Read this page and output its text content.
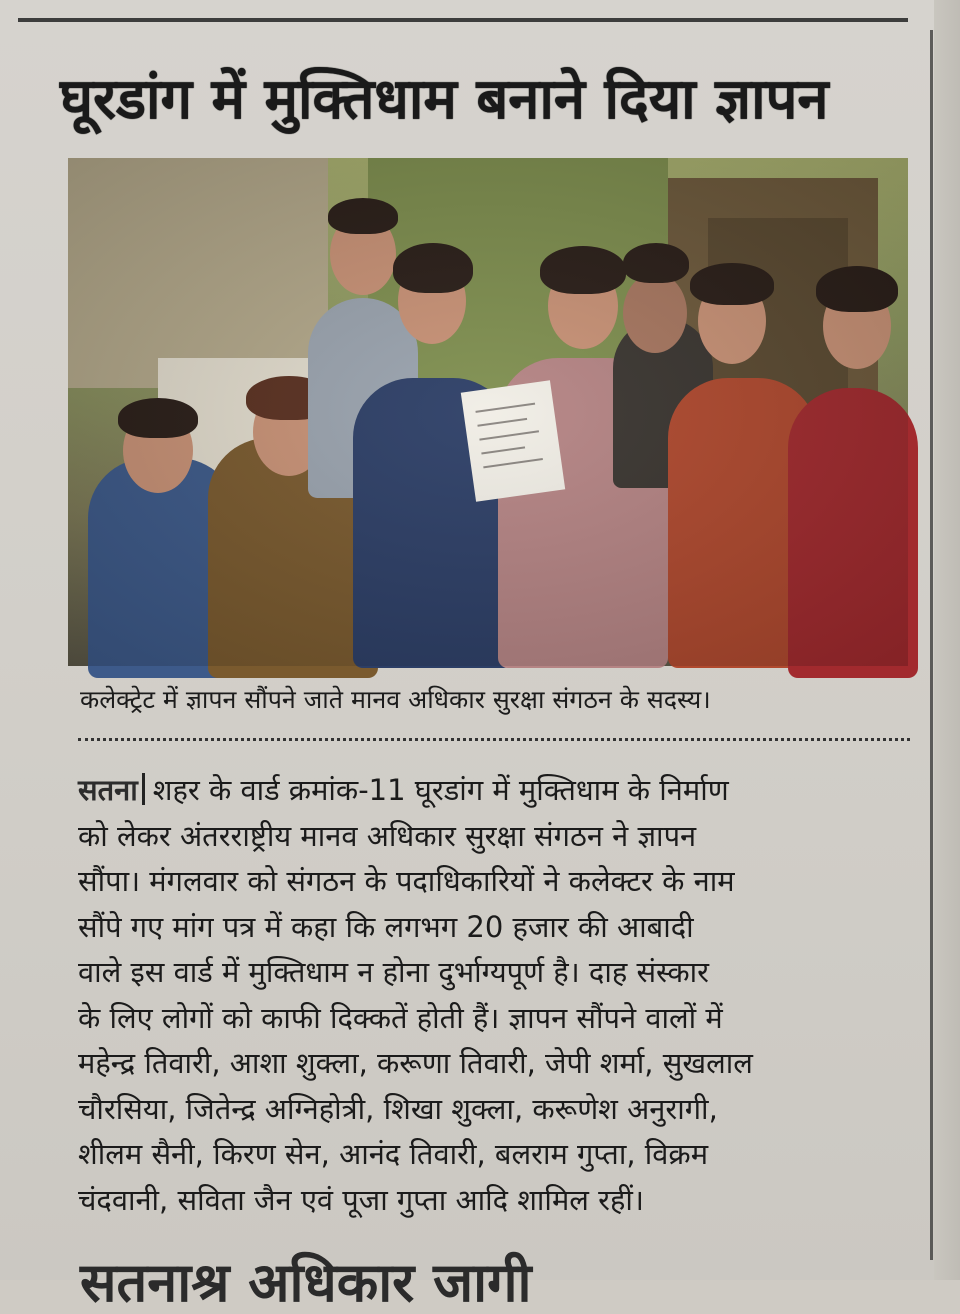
घूरडांग में मुक्तिधाम बनाने दिया ज्ञापन
कलेक्ट्रेट में ज्ञापन सौंपने जाते मानव अधिकार सुरक्षा संगठन के सदस्य।
सतना शहर के वार्ड क्रमांक-11 घूरडांग में मुक्तिधाम के निर्माण
को लेकर अंतरराष्ट्रीय मानव अधिकार सुरक्षा संगठन ने ज्ञापन
सौंपा। मंगलवार को संगठन के पदाधिकारियों ने कलेक्टर के नाम
सौंपे गए मांग पत्र में कहा कि लगभग 20 हजार की आबादी
वाले इस वार्ड में मुक्तिधाम न होना दुर्भाग्यपूर्ण है। दाह संस्कार
के लिए लोगों को काफी दिक्कतें होती हैं। ज्ञापन सौंपने वालों में
महेन्द्र तिवारी, आशा शुक्ला, करूणा तिवारी, जेपी शर्मा, सुखलाल
चौरसिया, जितेन्द्र अग्निहोत्री, शिखा शुक्ला, करूणेश अनुरागी,
शीलम सैनी, किरण सेन, आनंद तिवारी, बलराम गुप्ता, विक्रम
चंदवानी, सविता जैन एवं पूजा गुप्ता आदि शामिल रहीं।
सतनाश्र अधिकार जागी
